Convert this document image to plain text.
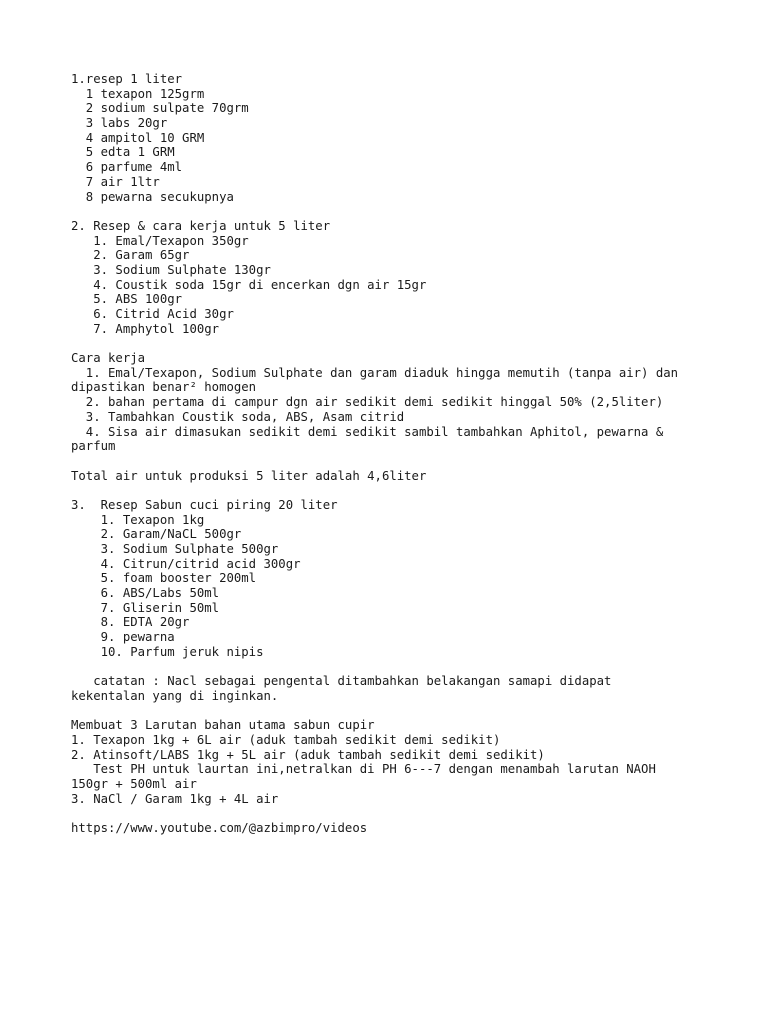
1.resep 1 liter
1 texapon 125grm
2 sodium sulpate 70grm
3 labs 20gr
4 ampitol 10 GRM
5 edta 1 GRM
6 parfume 4ml
7 air 1ltr
8 pewarna secukupnya
2. Resep & cara kerja untuk 5 liter
1. Emal/Texapon 350gr
2. Garam 65gr
3. Sodium Sulphate 130gr
4. Coustik soda 15gr di encerkan dgn air 15gr
5. ABS 100gr
6. Citrid Acid 30gr
7. Amphytol 100gr
Cara kerja
1. Emal/Texapon, Sodium Sulphate dan garam diaduk hingga memutih (tanpa air) dan
dipastikan benar² homogen
2. bahan pertama di campur dgn air sedikit demi sedikit hinggal 50% (2,5liter)
3. Tambahkan Coustik soda, ABS, Asam citrid
4. Sisa air dimasukan sedikit demi sedikit sambil tambahkan Aphitol, pewarna &
parfum
Total air untuk produksi 5 liter adalah 4,6liter
3.  Resep Sabun cuci piring 20 liter
1. Texapon 1kg
2. Garam/NaCL 500gr
3. Sodium Sulphate 500gr
4. Citrun/citrid acid 300gr
5. foam booster 200ml
6. ABS/Labs 50ml
7. Gliserin 50ml
8. EDTA 20gr
9. pewarna
10. Parfum jeruk nipis
catatan : Nacl sebagai pengental ditambahkan belakangan samapi didapat
kekentalan yang di inginkan.
Membuat 3 Larutan bahan utama sabun cupir
1. Texapon 1kg + 6L air (aduk tambah sedikit demi sedikit)
2. Atinsoft/LABS 1kg + 5L air (aduk tambah sedikit demi sedikit)
Test PH untuk laurtan ini,netralkan di PH 6---7 dengan menambah larutan NAOH
150gr + 500ml air
3. NaCl / Garam 1kg + 4L air
https://www.youtube.com/@azbimpro/videos
